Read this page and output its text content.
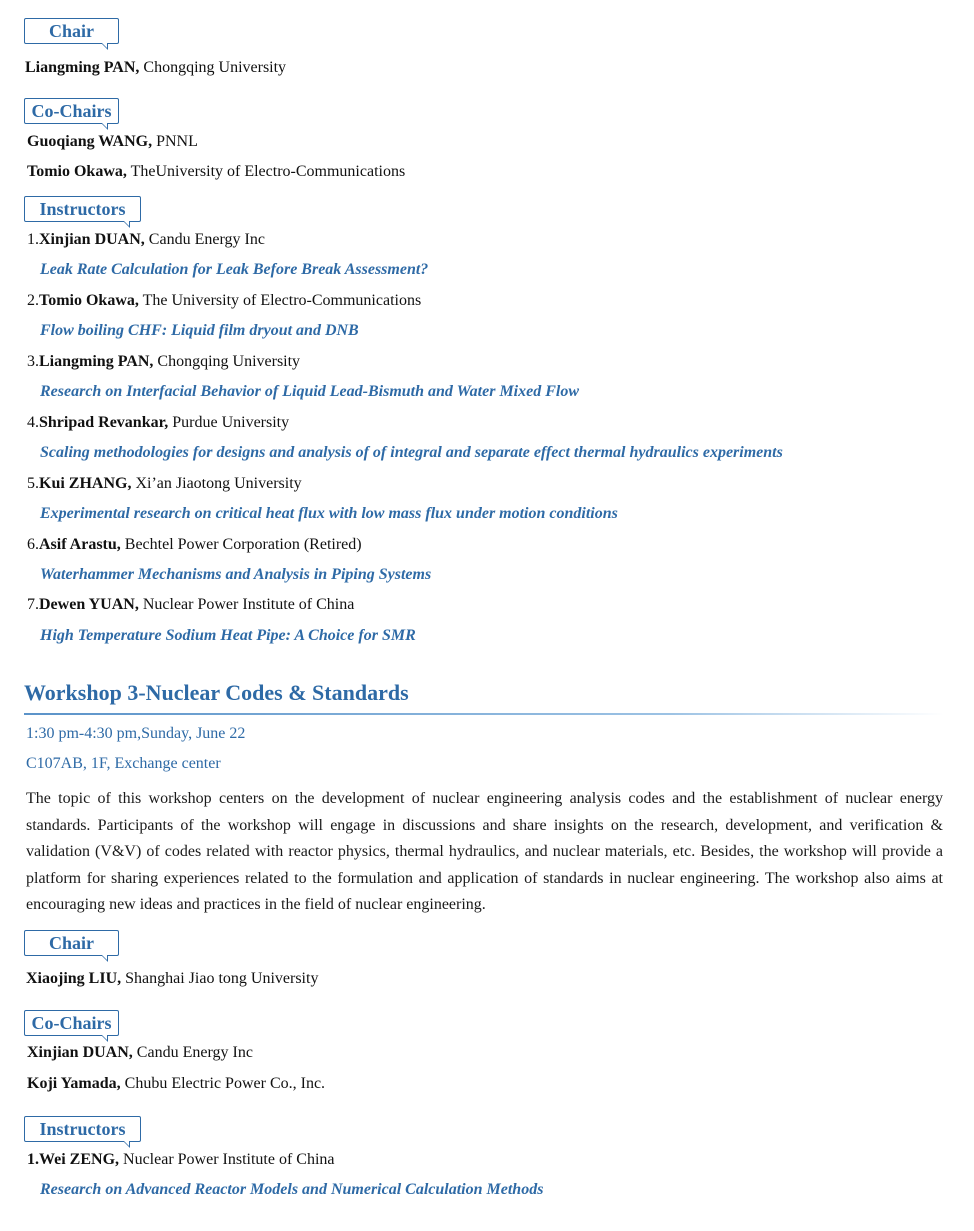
Chair
Liangming PAN, Chongqing University
Co-Chairs
Guoqiang WANG, PNNL
Tomio Okawa, TheUniversity of Electro-Communications
Instructors
1.Xinjian DUAN, Candu Energy Inc
Leak Rate Calculation for Leak Before Break Assessment?
2.Tomio Okawa, The University of Electro-Communications
Flow boiling CHF: Liquid film dryout and DNB
3.Liangming PAN, Chongqing University
Research on Interfacial Behavior of Liquid Lead-Bismuth and Water Mixed Flow
4.Shripad Revankar, Purdue University
Scaling methodologies for designs and analysis of of integral and separate effect thermal hydraulics experiments
5.Kui ZHANG, Xi’an Jiaotong University
Experimental research on critical heat flux with low mass flux under motion conditions
6.Asif Arastu, Bechtel Power Corporation (Retired)
Waterhammer Mechanisms and Analysis in Piping Systems
7.Dewen YUAN, Nuclear Power Institute of China
High Temperature Sodium Heat Pipe: A Choice for SMR
Workshop 3-Nuclear Codes & Standards
1:30 pm-4:30 pm,Sunday, June 22
C107AB, 1F, Exchange center
The topic of this workshop centers on the development of nuclear engineering analysis codes and the establishment of nuclear energy standards. Participants of the workshop will engage in discussions and share insights on the research, development, and verification & validation (V&V) of codes related with reactor physics, thermal hydraulics, and nuclear materials, etc. Besides, the workshop will provide a platform for sharing experiences related to the formulation and application of standards in nuclear engineering. The workshop also aims at encouraging new ideas and practices in the field of nuclear engineering.
Chair
Xiaojing LIU, Shanghai Jiao tong University
Co-Chairs
Xinjian DUAN, Candu Energy Inc
Koji Yamada, Chubu Electric Power Co., Inc.
Instructors
1.Wei ZENG, Nuclear Power Institute of China
Research on Advanced Reactor Models and Numerical Calculation Methods
